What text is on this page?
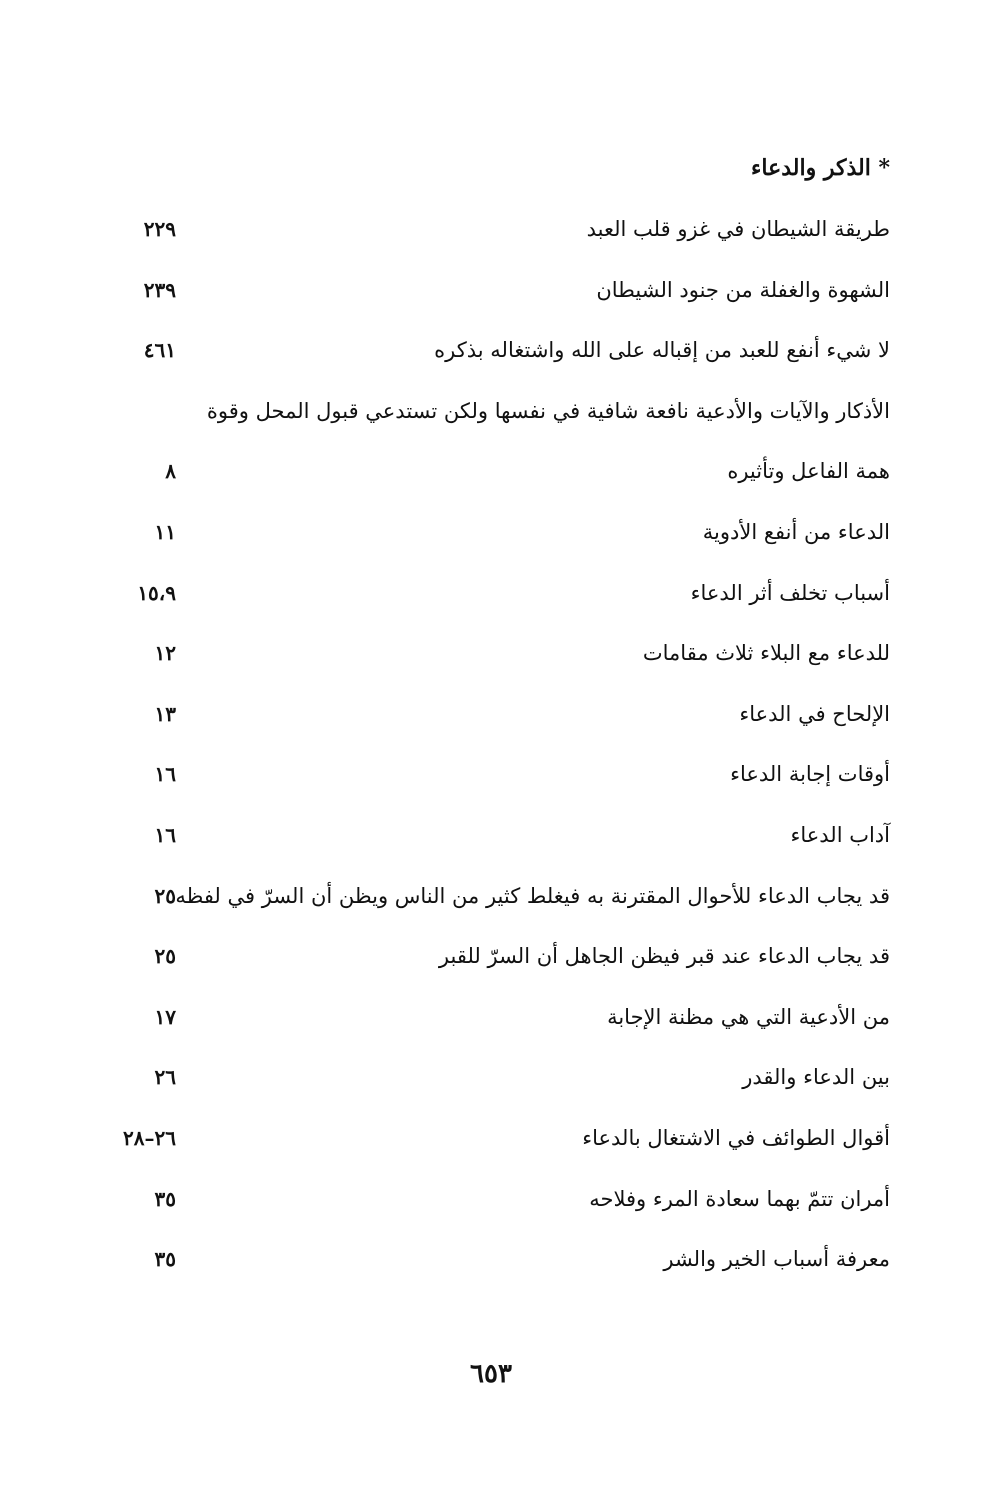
* الذكر والدعاء
طريقة الشيطان في غزو قلب العبد
٢٢٩
الشهوة والغفلة من جنود الشيطان
٢٣٩
لا شيء أنفع للعبد من إقباله على الله واشتغاله بذكره
٤٦١
الأذكار والآيات والأدعية نافعة شافية في نفسها ولكن تستدعي قبول المحل وقوة
همة الفاعل وتأثيره
٨
الدعاء من أنفع الأدوية
١١
أسباب تخلف أثر الدعاء
١٥،٩
للدعاء مع البلاء ثلاث مقامات
١٢
الإلحاح في الدعاء
١٣
أوقات إجابة الدعاء
١٦
آداب الدعاء
١٦
قد يجاب الدعاء للأحوال المقترنة به فيغلط كثير من الناس ويظن أن السرّ في لفظه
٢٥
قد يجاب الدعاء عند قبر فيظن الجاهل أن السرّ للقبر
٢٥
من الأدعية التي هي مظنة الإجابة
١٧
بين الدعاء والقدر
٢٦
أقوال الطوائف في الاشتغال بالدعاء
٢٦–٢٨
أمران تتمّ بهما سعادة المرء وفلاحه
٣٥
معرفة أسباب الخير والشر
٣٥
٦٥٣
